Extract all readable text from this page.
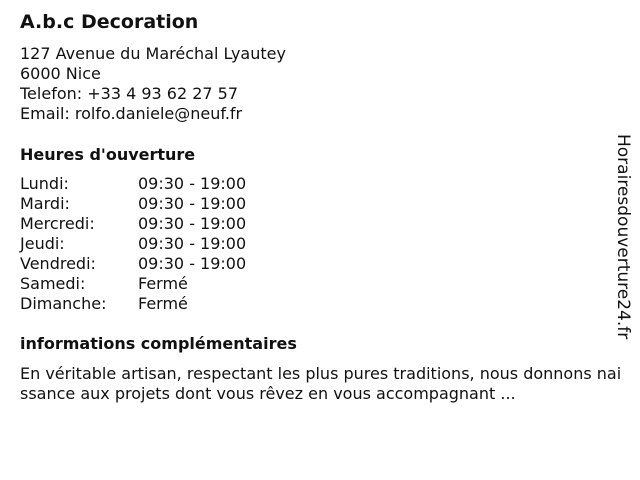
A.b.c Decoration
127 Avenue du Maréchal Lyautey
6000 Nice
Telefon: +33 4 93 62 27 57
Email: rolfo.daniele@neuf.fr
Heures d'ouverture
Lundi:	09:30 - 19:00
Mardi:	09:30 - 19:00
Mercredi:	09:30 - 19:00
Jeudi:	09:30 - 19:00
Vendredi:	09:30 - 19:00
Samedi:	Fermé
Dimanche: Fermé
informations complémentaires
En véritable artisan, respectant les plus pures traditions, nous donnons naissance aux projets dont vous rêvez en vous accompagnant ...
Horairesdouverture24.fr
